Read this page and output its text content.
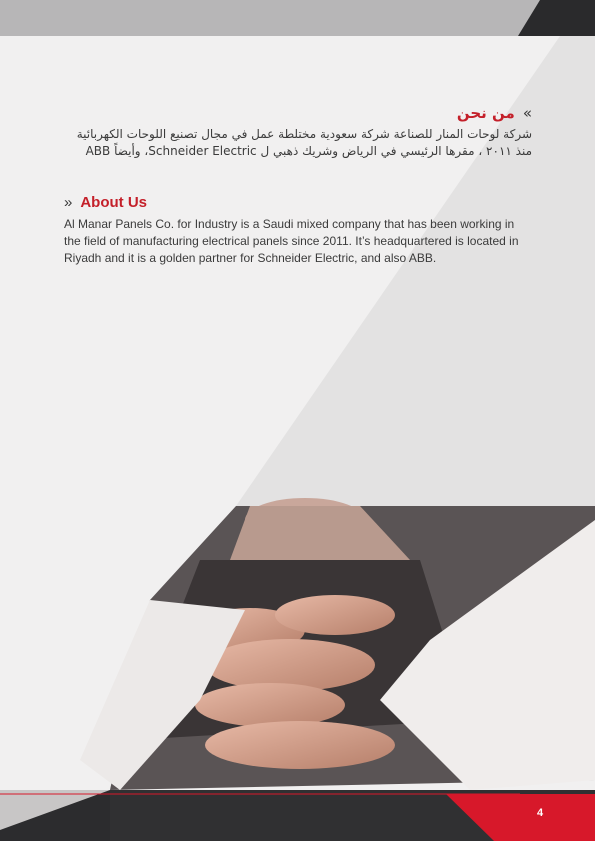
»من نحن
شركة لوحات المنار للصناعة شركة سعودية مختلطة عمل في مجال تصنيع اللوحات الكهربائية منذ ٢٠١١ ، مقرها الرئيسي في الرياض وشريك ذهبي ل Schneider Electric، وأيضاً ABB
» About Us
Al Manar Panels Co. for Industry is a Saudi mixed company that has been working in the field of manufacturing electrical panels since 2011. It’s headquartered is located in Riyadh and it is a golden partner for Schneider Electric, and also ABB.
4
